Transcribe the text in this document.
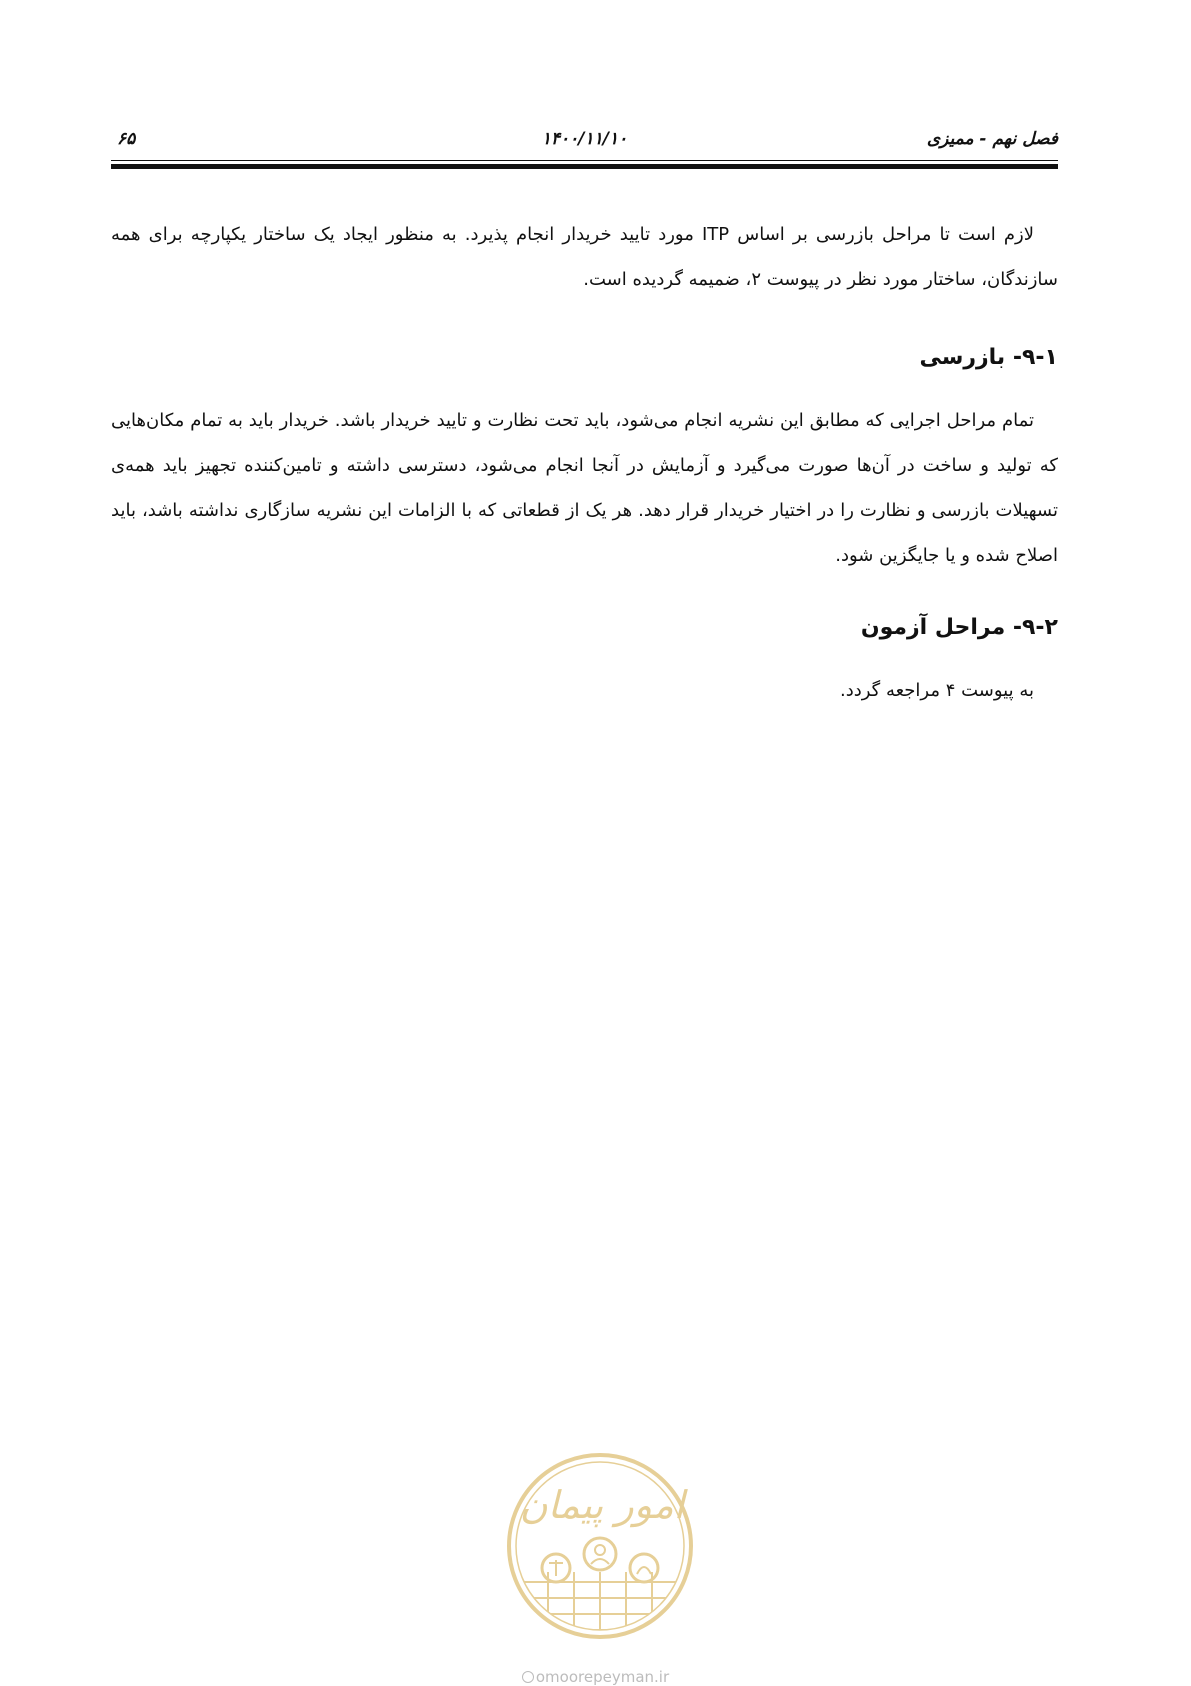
فصل نهم - ممیزی
۱۴۰۰/۱۱/۱۰
۶۵

لازم است تا مراحل بازرسی بر اساس ITP مورد تایید خریدار انجام پذیرد. به منظور ایجاد یک ساختار یکپارچه برای همه سازندگان، ساختار مورد نظر در پیوست ۲، ضمیمه گردیده است.

۹-۱- بازرسی

تمام مراحل اجرایی که مطابق این نشریه انجام می‌شود، باید تحت نظارت و تایید خریدار باشد. خریدار باید به تمام مکان‌هایی که تولید و ساخت در آن‌ها صورت می‌گیرد و آزمایش در آنجا انجام می‌شود، دسترسی داشته و تامین‌کننده تجهیز باید همه‌ی تسهیلات بازرسی و نظارت را در اختیار خریدار قرار دهد. هر یک از قطعاتی که با الزامات این نشریه سازگاری نداشته باشد، باید اصلاح شده و یا جایگزین شود.

۹-۲- مراحل آزمون

به پیوست ۴ مراجعه گردد.

امور پیمان
omoorepeyman.ir
